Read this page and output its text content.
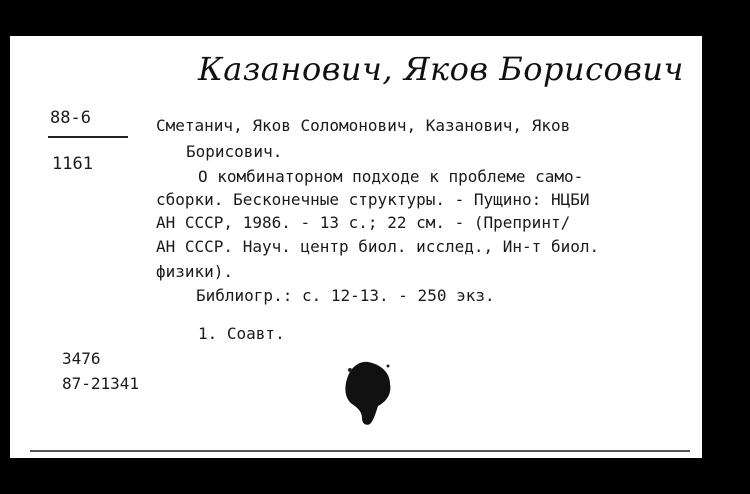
Казанович, Яков Борисович
88-6
1161
Сметанич, Яков Соломонович, Казанович, Яков
Борисович.
О комбинаторном подходе к проблеме само-
сборки. Бесконечные структуры. - Пущино: НЦБИ
АН СССР, 1986. - 13 с.; 22 см. - (Препринт/
АН СССР. Науч. центр биол. исслед., Ин-т биол.
физики).
Библиогр.: с. 12-13. - 250 экз.
1. Соавт.
3476
87-21341
